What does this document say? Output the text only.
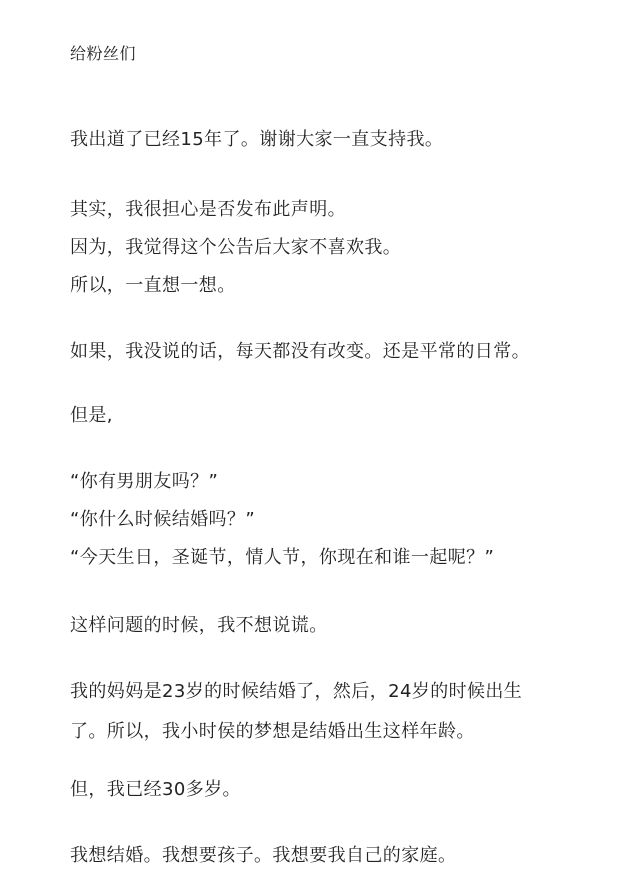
给粉丝们

我出道了已经15年了。谢谢大家一直支持我。

其实，我很担心是否发布此声明。

因为，我觉得这个公告后大家不喜欢我。

所以，一直想一想。

如果，我没说的话，每天都没有改变。还是平常的日常。

但是,

“你有男朋友吗？”

“你什么时候结婚吗？”

“今天生日，圣诞节，情人节，你现在和谁一起呢？”

这样问题的时候，我不想说谎。

我的妈妈是23岁的时候结婚了，然后，24岁的时候出生

了。所以，我小时侯的梦想是结婚出生这样年龄。

但，我已经30多岁。

我想结婚。我想要孩子。我想要我自己的家庭。
